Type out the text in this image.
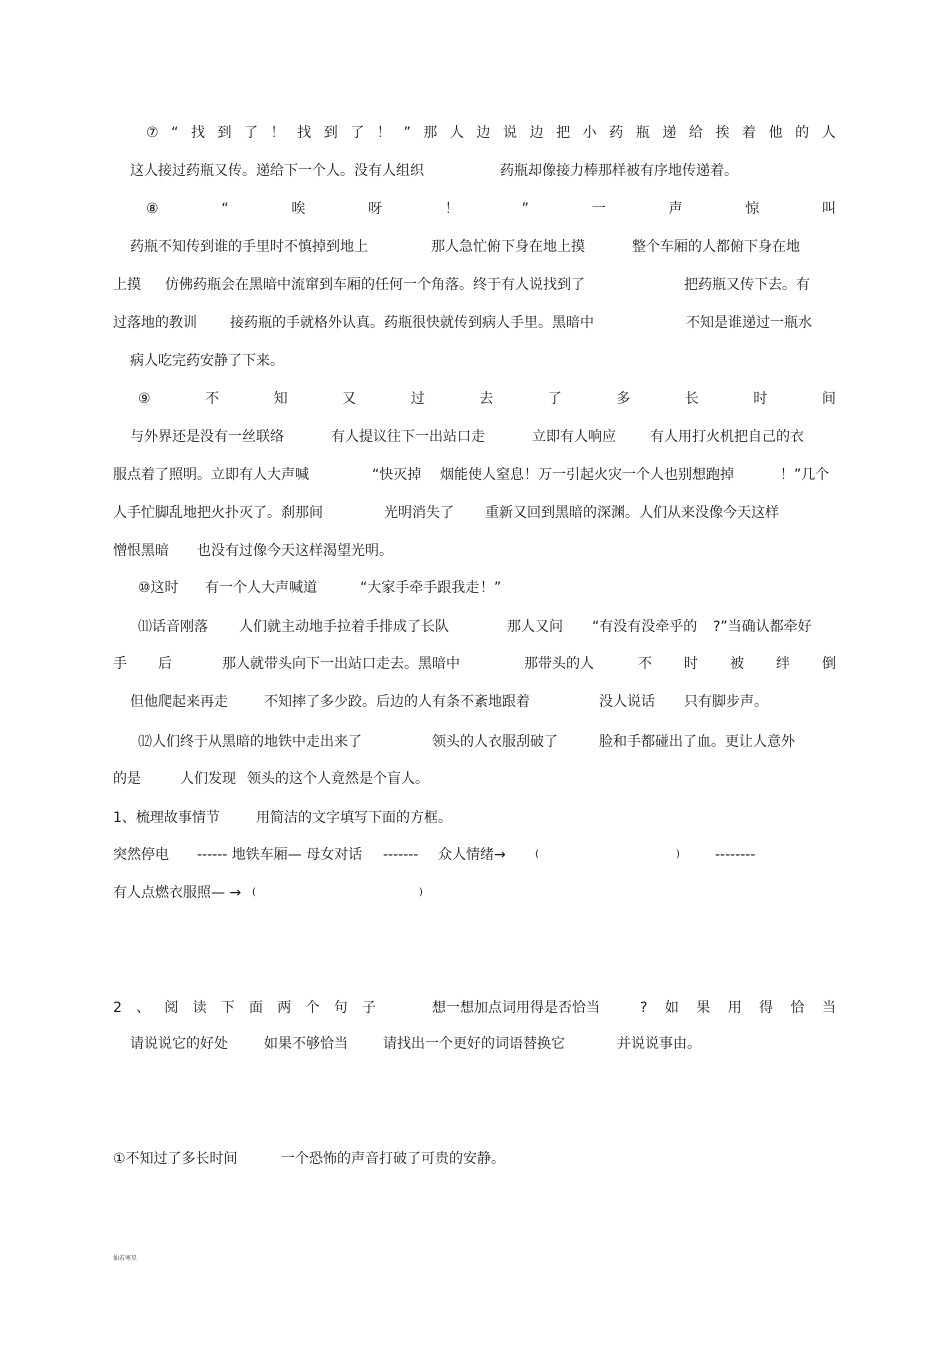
⑦ “ 找 到 了 ！ 找 到 了 ！ ” 那 人 边 说 边 把 小 药 瓶 递 给 挨 着 他 的 人
这人接过药瓶又传。递给下一个人。没有人组织	药瓶却像接力棒那样被有序地传递着。
⑧	“	唉	呀	！	”	一	声	惊	叫
药瓶不知传到谁的手里时不慎掉到地上	那人急忙俯下身在地上摸	整个车厢的人都俯下身在地
上摸 仿佛药瓶会在黑暗中流窜到车厢的任何一个角落。终于有人说找到了	把药瓶又传下去。有
过落地的教训 接药瓶的手就格外认真。药瓶很快就传到病人手里。黑暗中	不知是谁递过一瓶水
病人吃完药安静了下来。
⑨	不	知	又	过	去	了	多	长	时	间
与外界还是没有一丝联络	有人提议往下一出站口走	立即有人响应 有人用打火机把自己的衣
服点着了照明。立即有人大声喊	“快灭掉 烟能使人窒息！万一引起火灾一个人也别想跑掉	！”几个
人手忙脚乱地把火扑灭了。刹那间	光明消失了 重新又回到黑暗的深渊。人们从来没像今天这样
憎恨黑暗 也没有过像今天这样渴望光明。
⑩这时 有一个人大声喊道	“大家手牵手跟我走 ！”
⑾话音刚落 人们就主动地手拉着手排成了长队	那人又问 “有没有没牵乎的 ?”当确认都牵好
不 时 被 绊 倒
手 后	那人就带头向下一出站口走去。黑暗中	那带头的人
但他爬起来再走	不知摔了多少跤。后边的人有条不紊地跟着	没人说话 只有脚步声。
⑿人们终于从黑暗的地铁中走出来了	领头的人衣服刮破了	脸和手都碰出了血。更让人意外
的是	人们发现 领头的这个人竟然是个盲人。
1、梳理故事情节	用简洁的文字填写下面的方框。
突然停电 ------ 地铁车厢— 母女对话 ------- 众人情绪→	(	)	--------
有人点燃衣服照— → (	)
2 、 阅 读 下 面 两 个 句 子	想一想加点词用得是否恰当	? 如 果 用 得 恰 当
请说说它的好处	如果不够恰当	请找出一个更好的词语替换它	并说说事由。
①不知过了多长时间	一个恐怖的声音打破了可贵的安静。
仙若寒星
